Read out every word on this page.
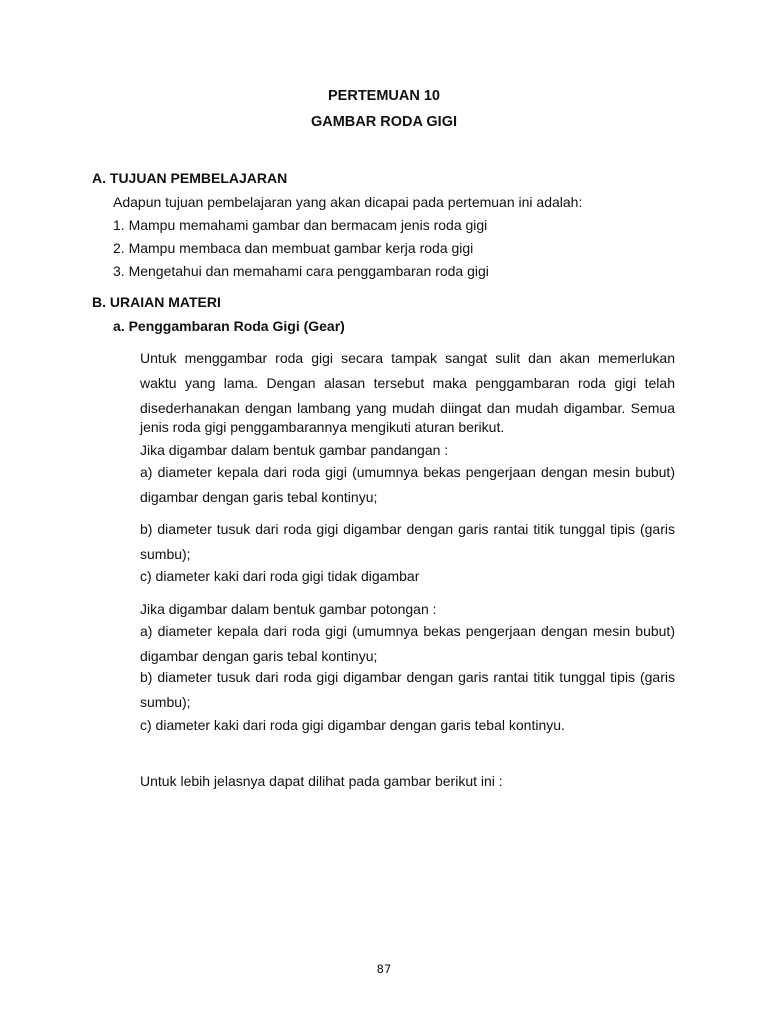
PERTEMUAN 10
GAMBAR RODA GIGI
A. TUJUAN PEMBELAJARAN
Adapun tujuan pembelajaran yang akan dicapai pada pertemuan ini adalah:
1. Mampu memahami gambar dan bermacam jenis roda gigi
2. Mampu membaca dan membuat gambar kerja roda gigi
3. Mengetahui dan memahami cara penggambaran roda gigi
B. URAIAN MATERI
a. Penggambaran Roda Gigi (Gear)
Untuk menggambar roda gigi secara tampak sangat sulit dan akan memerlukan
waktu yang lama. Dengan alasan tersebut maka penggambaran roda gigi telah
disederhanakan dengan lambang yang mudah diingat dan mudah digambar. Semua
jenis roda gigi penggambarannya mengikuti aturan berikut.
Jika digambar dalam bentuk gambar pandangan :
a) diameter kepala dari roda gigi (umumnya bekas pengerjaan dengan mesin bubut)
digambar dengan garis tebal kontinyu;
b) diameter tusuk dari roda gigi digambar dengan garis rantai titik tunggal tipis (garis
sumbu);
c) diameter kaki dari roda gigi tidak digambar
Jika digambar dalam bentuk gambar potongan :
a) diameter kepala dari roda gigi (umumnya bekas pengerjaan dengan mesin bubut)
digambar dengan garis tebal kontinyu;
b) diameter tusuk dari roda gigi digambar dengan garis rantai titik tunggal tipis (garis
sumbu);
c) diameter kaki dari roda gigi digambar dengan garis tebal kontinyu.
Untuk lebih jelasnya dapat dilihat pada gambar berikut ini :
87
